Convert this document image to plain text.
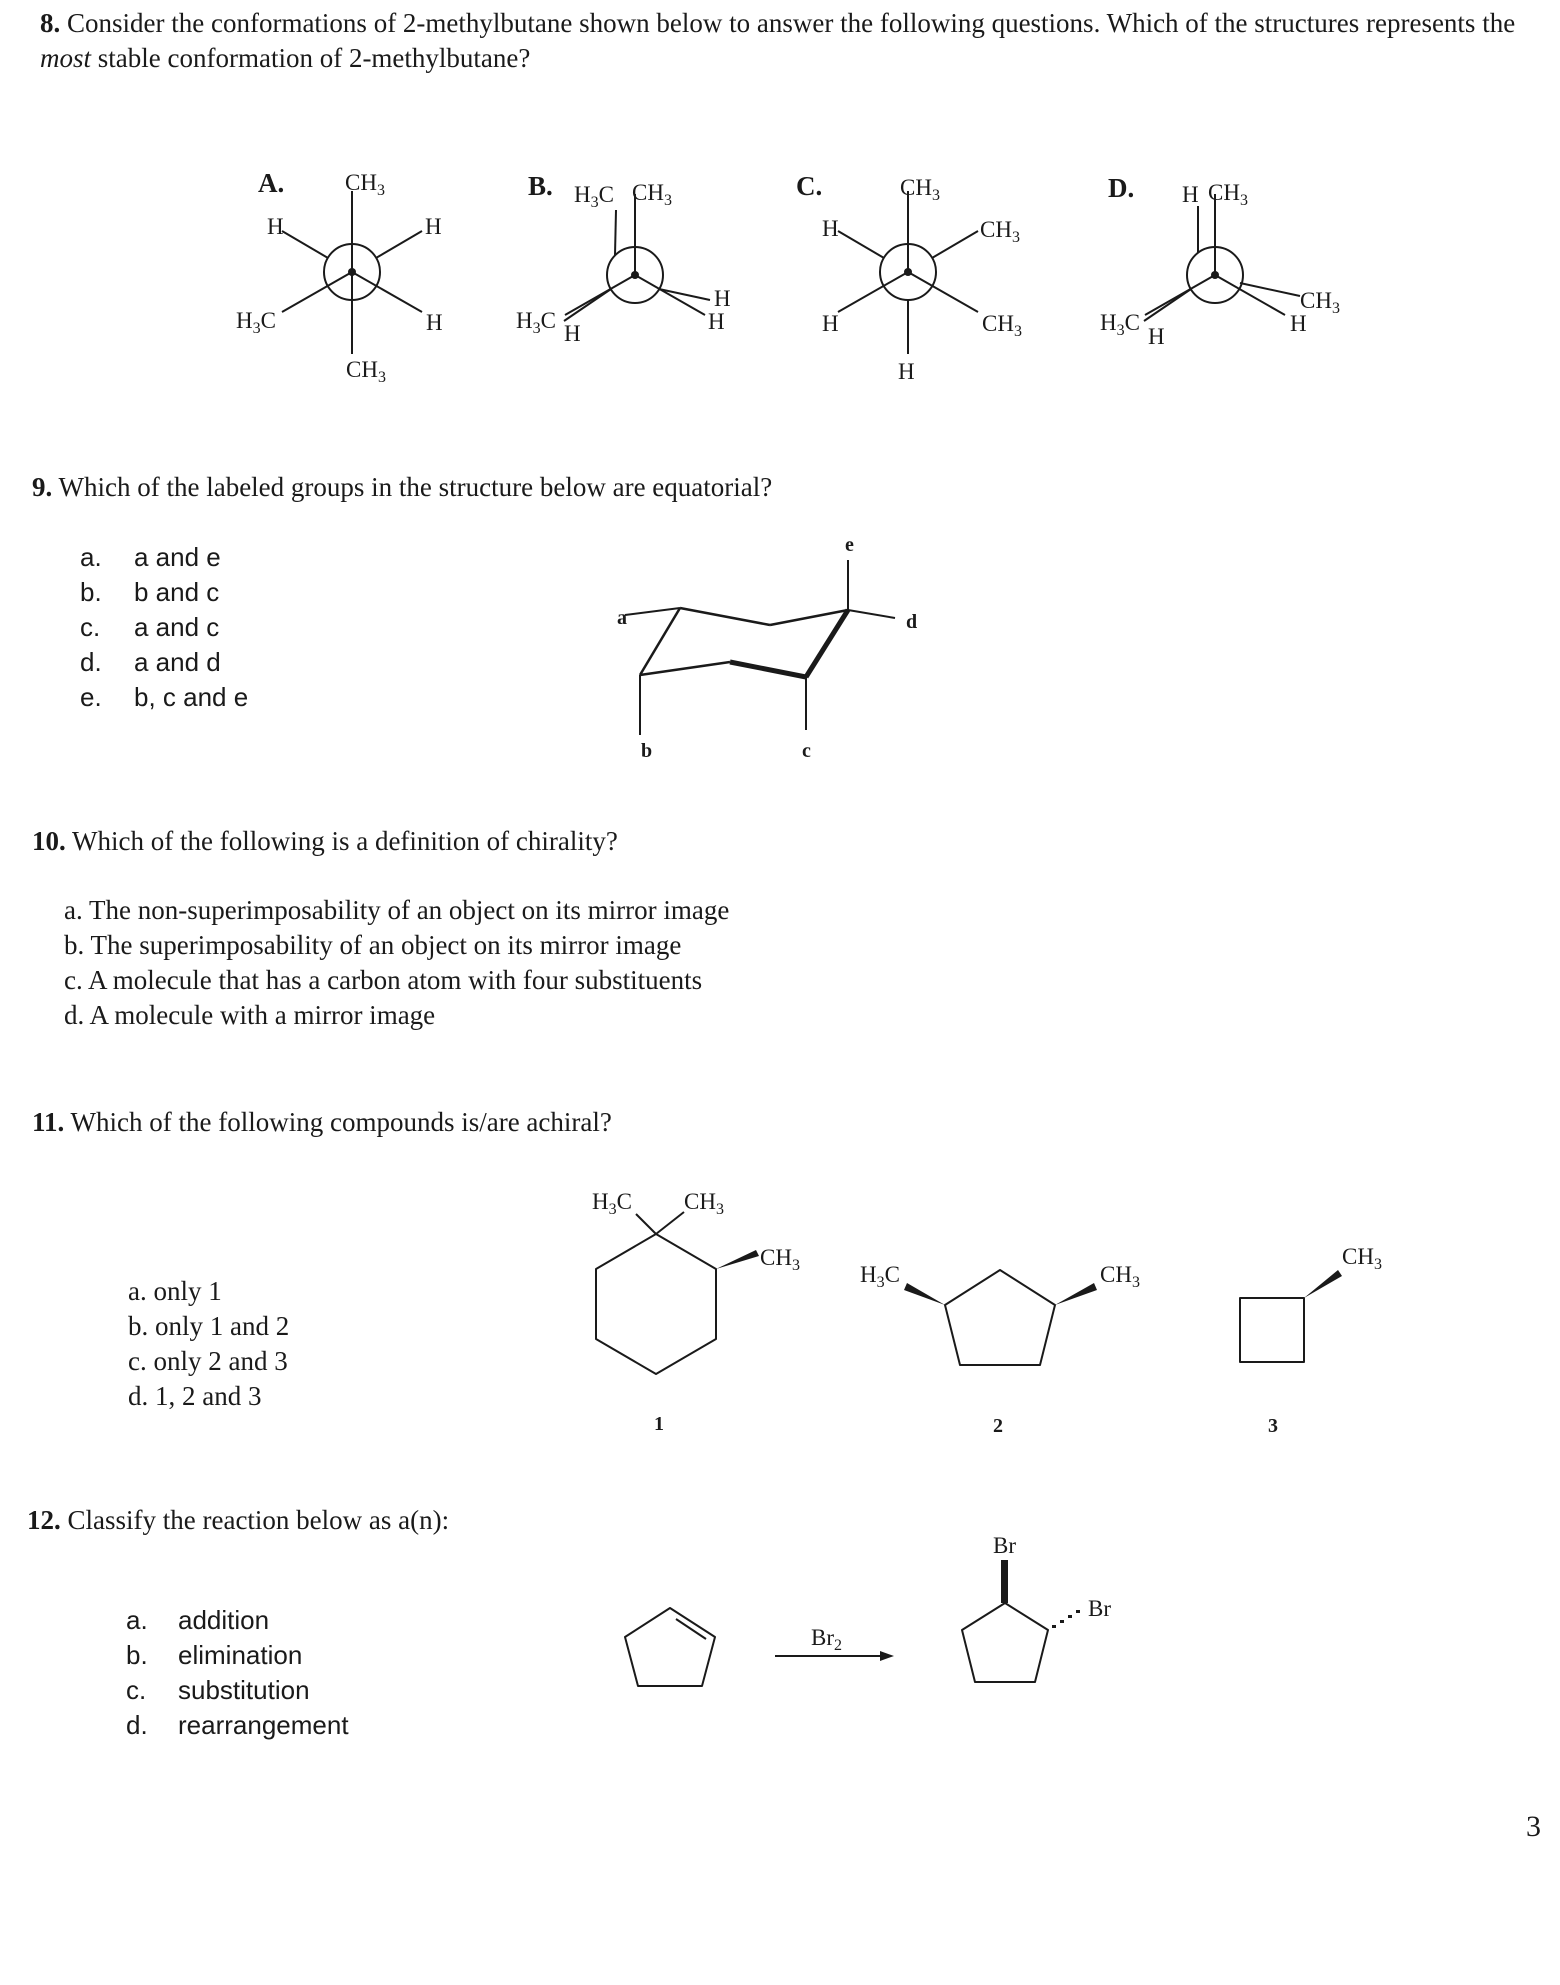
8. Consider the conformations of 2-methylbutane shown below to answer the following questions. Which of the structures represents the most stable conformation of 2-methylbutane?
A.	B.	C.	D.
$CH_3$
H	H
$H_3C$	H
$CH_3$
$H_3C$ $CH_3$
$H_3C$
H
H
H
$CH_3$
H	$CH_3$
H	$CH_3$
H
H $CH_3$
$H_3C$
H
$CH_3$
H
9. Which of the labeled groups in the structure below are equatorial?
a. a and e
b. b and c
c. a and c
d. a and d
e. b, c and e
a
b	c
d
e
10. Which of the following is a definition of chirality?
a. The non-superimposability of an object on its mirror image
b. The superimposability of an object on its mirror image
c. A molecule that has a carbon atom with four substituents
d. A molecule with a mirror image
11. Which of the following compounds is/are achiral?
a. only 1
b. only 1 and 2
c. only 2 and 3
d. 1, 2 and 3
$H_3C$ $CH_3$
$CH_3$	$H_3C$	$CH_3$
$CH_3$
1	2	3
12. Classify the reaction below as a(n):
a. addition
b. elimination
c. substitution
d. rearrangement
$Br_2$
Br
Br
3
